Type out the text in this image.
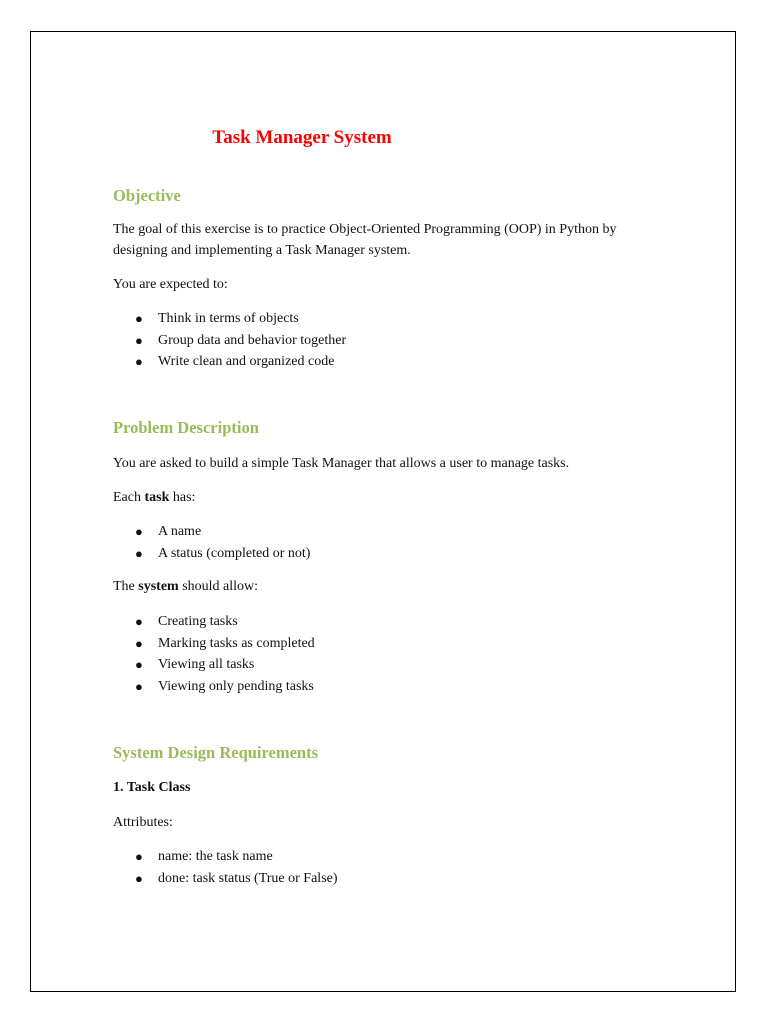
Task Manager System
Objective
The goal of this exercise is to practice Object-Oriented Programming (OOP) in Python by designing and implementing a Task Manager system.
You are expected to:
● Think in terms of objects
● Group data and behavior together
● Write clean and organized code
Problem Description
You are asked to build a simple Task Manager that allows a user to manage tasks.
Each task has:
● A name
● A status (completed or not)
The system should allow:
● Creating tasks
● Marking tasks as completed
● Viewing all tasks
● Viewing only pending tasks
System Design Requirements
1. Task Class
Attributes:
● name: the task name
● done: task status (True or False)
